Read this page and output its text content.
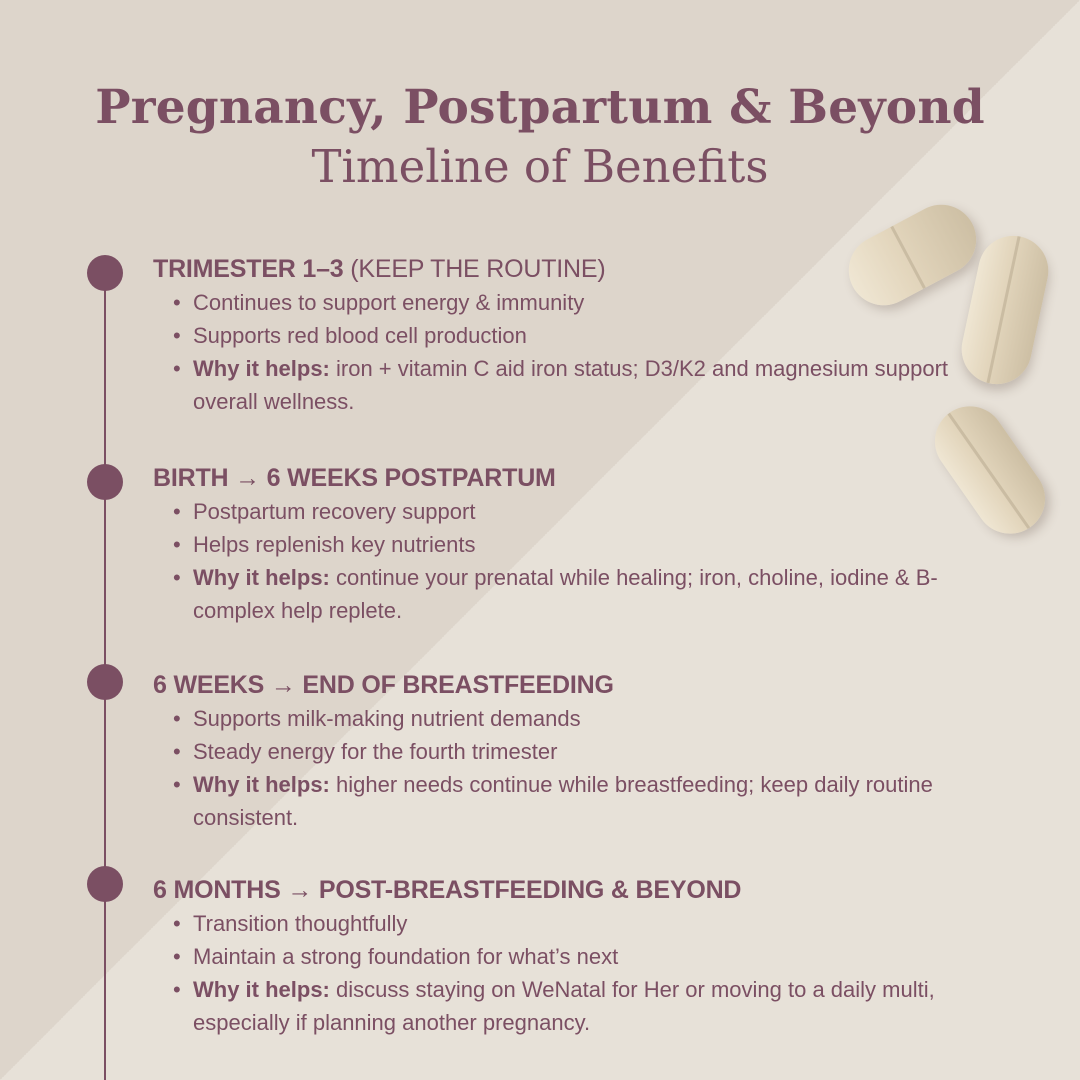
Pregnancy, Postpartum & Beyond
Timeline of Benefits
TRIMESTER 1–3 (KEEP THE ROUTINE)
• Continues to support energy & immunity
• Supports red blood cell production
• Why it helps: iron + vitamin C aid iron status; D3/K2 and magnesium support overall wellness.
BIRTH → 6 WEEKS POSTPARTUM
• Postpartum recovery support
• Helps replenish key nutrients
• Why it helps: continue your prenatal while healing; iron, choline, iodine & B-complex help replete.
6 WEEKS → END OF BREASTFEEDING
• Supports milk-making nutrient demands
• Steady energy for the fourth trimester
• Why it helps: higher needs continue while breastfeeding; keep daily routine consistent.
6 MONTHS → POST-BREASTFEEDING & BEYOND
• Transition thoughtfully
• Maintain a strong foundation for what’s next
• Why it helps: discuss staying on WeNatal for Her or moving to a daily multi, especially if planning another pregnancy.
